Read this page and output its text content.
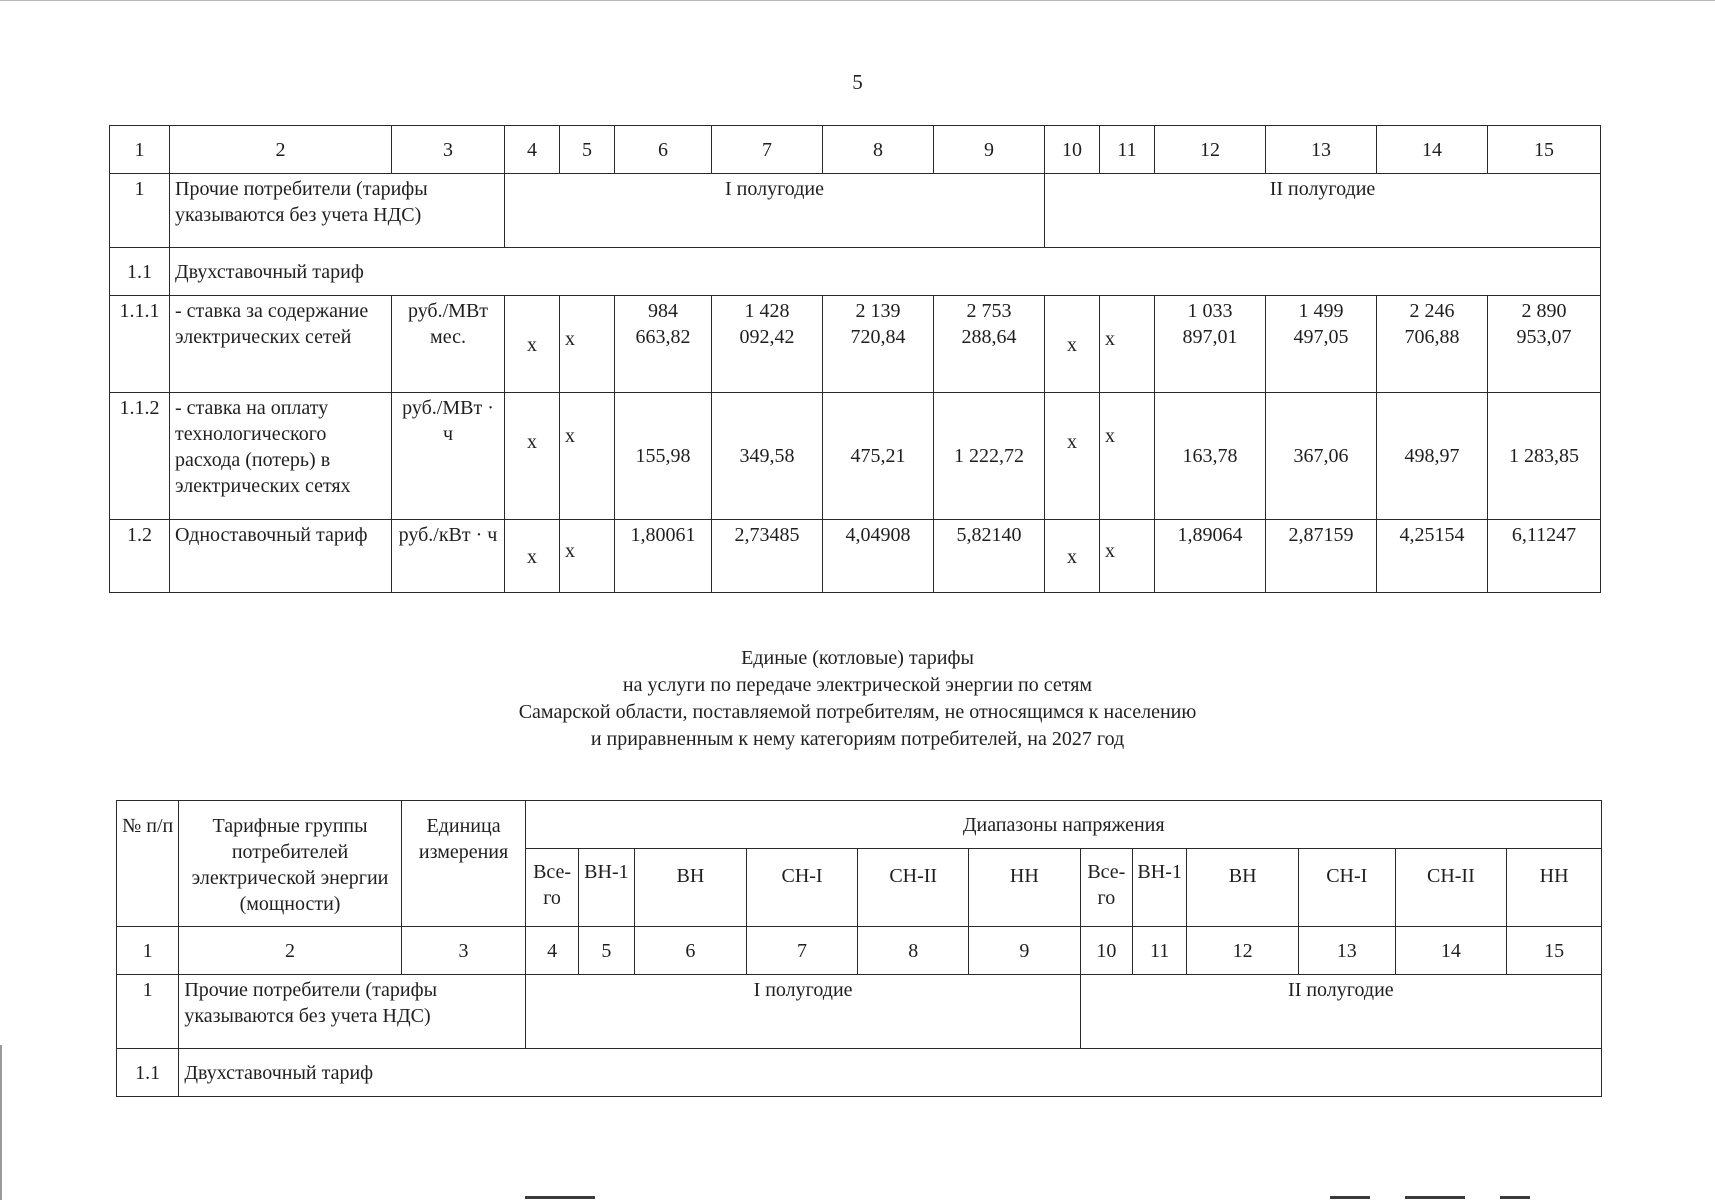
5
1	2	3	4	5	6	7	8	9	10	11	12	13	14	15
1	Прочие потребители (тарифы указываются без учета НДС)		I полугодие						II полугодие					
1.1	Двухставочный тариф													
1.1.1	- ставка за содержание электрических сетей	руб./МВт мес.	х	х	984 663,82	1 428 092,42	2 139 720,84	2 753 288,64	х	х	1 033 897,01	1 499 497,05	2 246 706,88	2 890 953,07
1.1.2	- ставка на оплату технологического расхода (потерь) в электрических сетях	руб./МВт · ч	х	х	155,98	349,58	475,21	1 222,72	х	х	163,78	367,06	498,97	1 283,85
1.2	Одноставочный тариф	руб./кВт · ч	х	х	1,80061	2,73485	4,04908	5,82140	х	х	1,89064	2,87159	4,25154	6,11247
Единые (котловые) тарифы
на услуги по передаче электрической энергии по сетям
Самарской области, поставляемой потребителям, не относящимся к населению
и приравненным к нему категориям потребителей, на 2027 год
№ п/п	Тарифные группы потребителей электрической энергии (мощности)	Единица измерения	Диапазоны напряжения											
			Все-го	ВН-1	ВН	СН-I	СН-II	НН	Все-го	ВН-1	ВН	СН-I	СН-II	НН
1	2	3	4	5	6	7	8	9	10	11	12	13	14	15
1	Прочие потребители (тарифы указываются без учета НДС)		I полугодие						II полугодие					
1.1	Двухставочный тариф													
